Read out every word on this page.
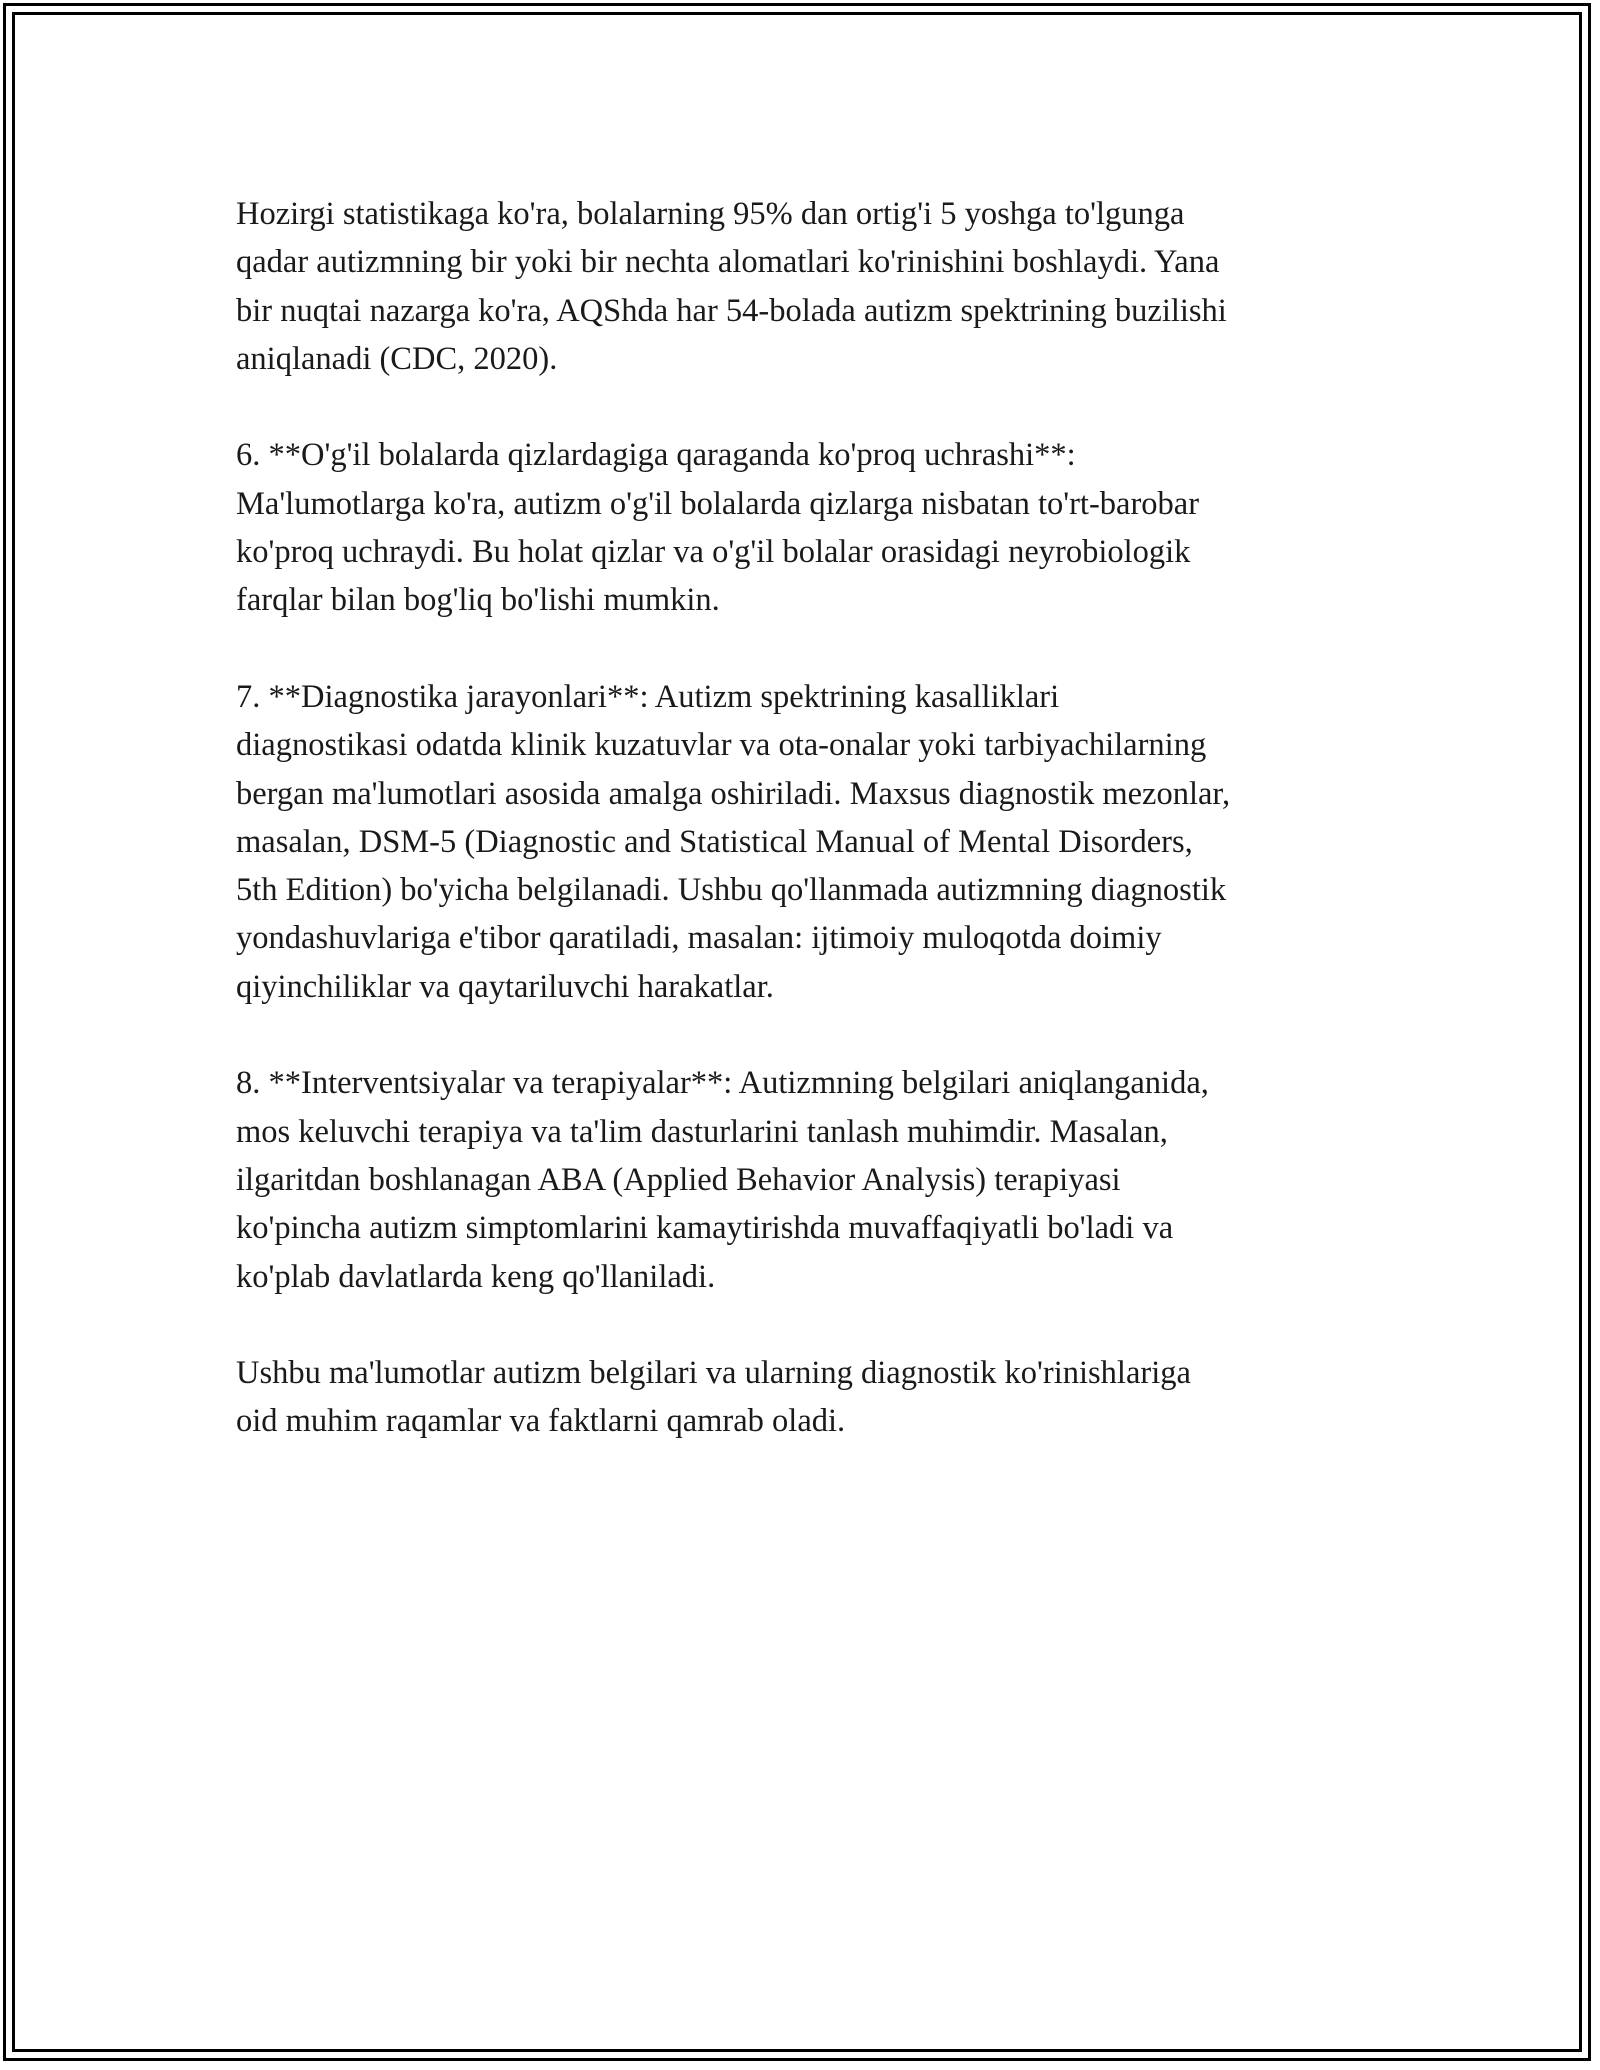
Hozirgi statistikaga ko'ra, bolalarning 95% dan ortig'i 5 yoshga to'lgunga
qadar autizmning bir yoki bir nechta alomatlari ko'rinishini boshlaydi. Yana
bir nuqtai nazarga ko'ra, AQShda har 54-bolada autizm spektrining buzilishi
aniqlanadi (CDC, 2020).

6. **O'g'il bolalarda qizlardagiga qaraganda ko'proq uchrashi**:
Ma'lumotlarga ko'ra, autizm o'g'il bolalarda qizlarga nisbatan to'rt-barobar
ko'proq uchraydi. Bu holat qizlar va o'g'il bolalar orasidagi neyrobiologik
farqlar bilan bog'liq bo'lishi mumkin.

7. **Diagnostika jarayonlari**: Autizm spektrining kasalliklari
diagnostikasi odatda klinik kuzatuvlar va ota-onalar yoki tarbiyachilarning
bergan ma'lumotlari asosida amalga oshiriladi. Maxsus diagnostik mezonlar,
masalan, DSM-5 (Diagnostic and Statistical Manual of Mental Disorders,
5th Edition) bo'yicha belgilanadi. Ushbu qo'llanmada autizmning diagnostik
yondashuvlariga e'tibor qaratiladi, masalan: ijtimoiy muloqotda doimiy
qiyinchiliklar va qaytariluvchi harakatlar.

8. **Interventsiyalar va terapiyalar**: Autizmning belgilari aniqlanganida,
mos keluvchi terapiya va ta'lim dasturlarini tanlash muhimdir. Masalan,
ilgaritdan boshlanagan ABA (Applied Behavior Analysis) terapiyasi
ko'pincha autizm simptomlarini kamaytirishda muvaffaqiyatli bo'ladi va
ko'plab davlatlarda keng qo'llaniladi.

Ushbu ma'lumotlar autizm belgilari va ularning diagnostik ko'rinishlariga
oid muhim raqamlar va faktlarni qamrab oladi.
